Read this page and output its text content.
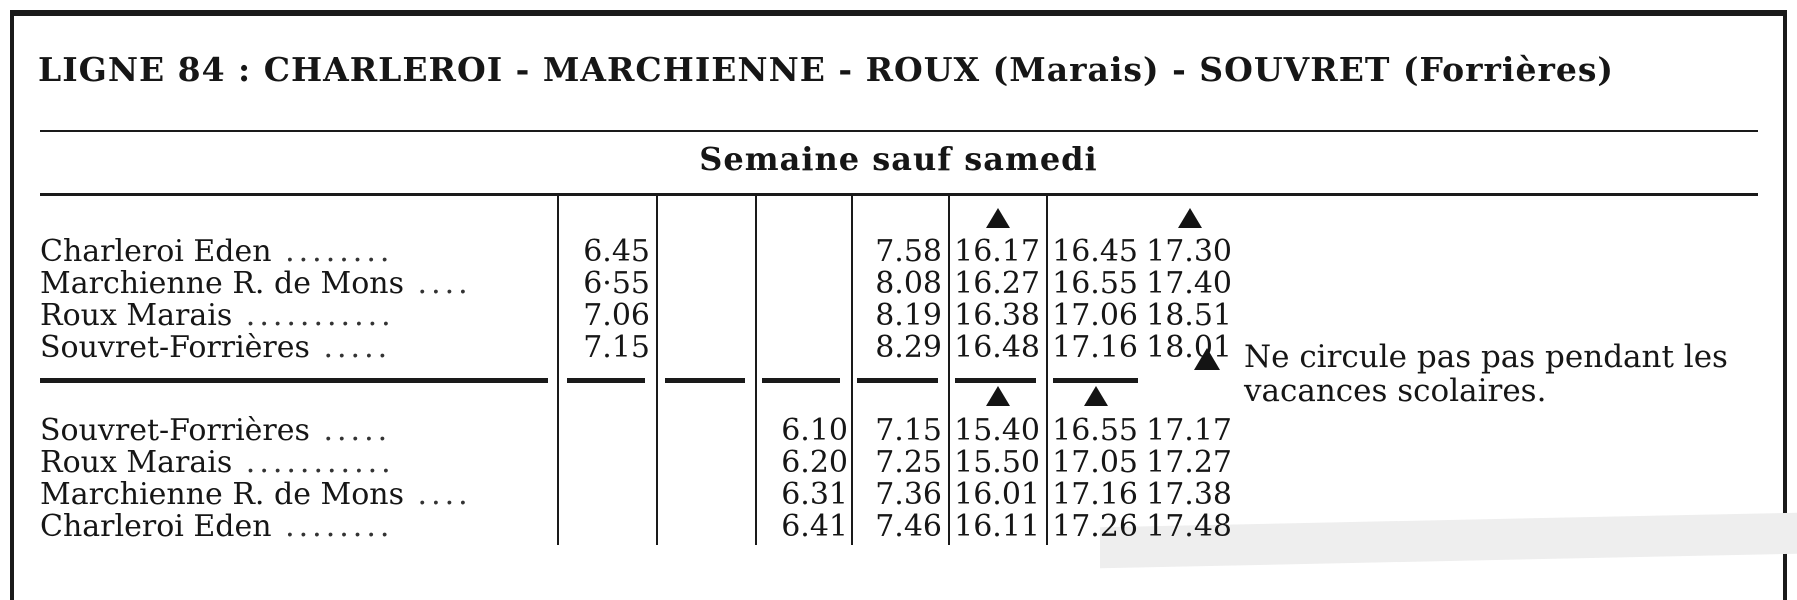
LIGNE 84 : CHARLEROI - MARCHIENNE - ROUX (Marais) - SOUVRET (Forrières)
Semaine sauf samedi
Charleroi Eden ........
Marchienne R. de Mons ....
Roux Marais ...........
Souvret-Forrières .....
6.45
6·55
7.06
7.15
7.58
8.08
8.19
8.29
16.17
16.27
16.38
16.48
16.45
16.55
17.06
17.16
17.30
17.40
18.51
18.01
Souvret-Forrières .....
Roux Marais ...........
Marchienne R. de Mons ....
Charleroi Eden ........
6.10
6.20
6.31
6.41
7.15
7.25
7.36
7.46
15.40
15.50
16.01
16.11
16.55
17.05
17.16
17.26
17.17
17.27
17.38
17.48
Ne circule pas pas pendant les vacances scolaires.
